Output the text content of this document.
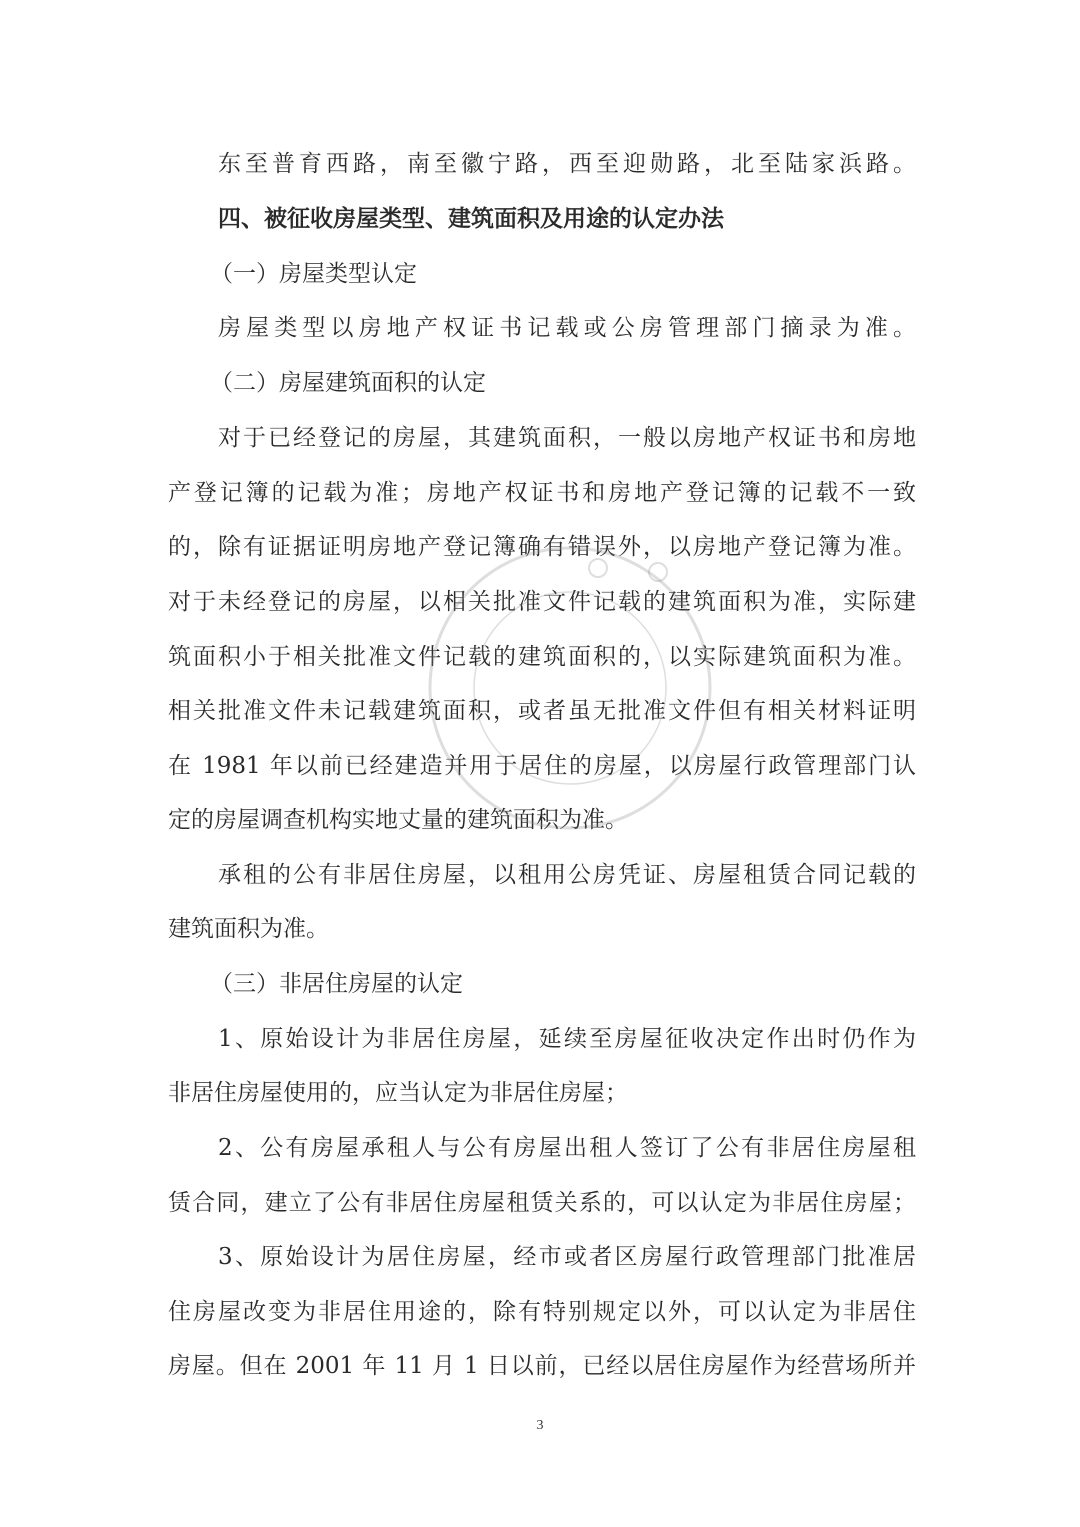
东至普育西路，南至徽宁路，西至迎勋路，北至陆家浜路。
四、被征收房屋类型、建筑面积及用途的认定办法
（一）房屋类型认定
房屋类型以房地产权证书记载或公房管理部门摘录为准。
（二）房屋建筑面积的认定
对于已经登记的房屋，其建筑面积，一般以房地产权证书和房地
产登记簿的记载为准；房地产权证书和房地产登记簿的记载不一致
的，除有证据证明房地产登记簿确有错误外，以房地产登记簿为准。
对于未经登记的房屋，以相关批准文件记载的建筑面积为准，实际建
筑面积小于相关批准文件记载的建筑面积的，以实际建筑面积为准。
相关批准文件未记载建筑面积，或者虽无批准文件但有相关材料证明
在 1981 年以前已经建造并用于居住的房屋，以房屋行政管理部门认
定的房屋调查机构实地丈量的建筑面积为准。
承租的公有非居住房屋，以租用公房凭证、房屋租赁合同记载的
建筑面积为准。
（三）非居住房屋的认定
1、原始设计为非居住房屋，延续至房屋征收决定作出时仍作为
非居住房屋使用的，应当认定为非居住房屋；
2、公有房屋承租人与公有房屋出租人签订了公有非居住房屋租
赁合同，建立了公有非居住房屋租赁关系的，可以认定为非居住房屋；
3、原始设计为居住房屋，经市或者区房屋行政管理部门批准居
住房屋改变为非居住用途的，除有特别规定以外，可以认定为非居住
房屋。但在 2001 年 11 月 1 日以前，已经以居住房屋作为经营场所并
3
